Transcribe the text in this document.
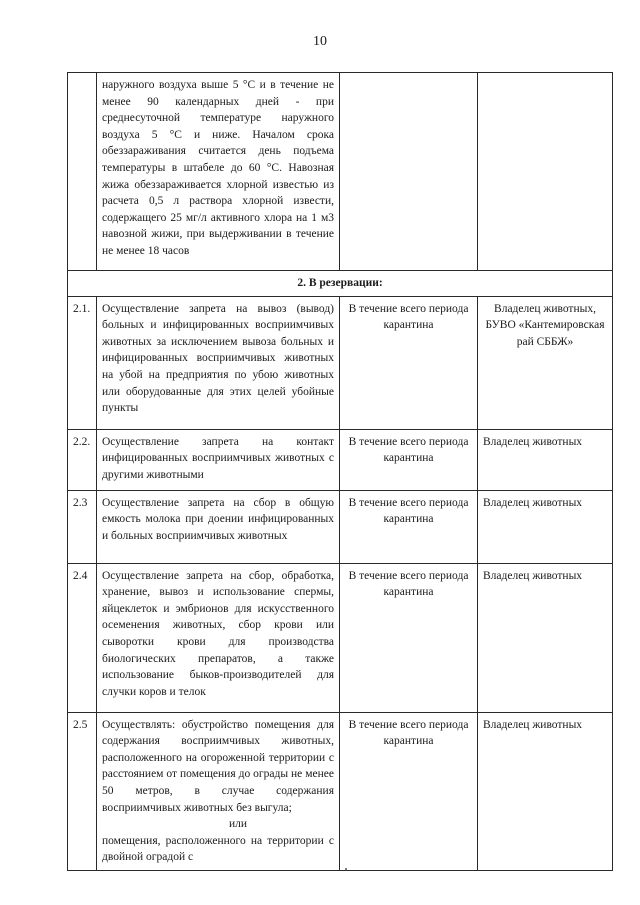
10
	наружного воздуха выше 5 °С и в течение не менее 90 календарных дней - при среднесуточной температуре наружного воздуха 5 °С и ниже. Началом срока обеззараживания считается день подъема температуры в штабеле до 60 °С. Навозная жижа обеззараживается хлорной известью из расчета 0,5 л раствора хлорной извести, содержащего 25 мг/л активного хлора на 1 м3 навозной жижи, при выдерживании в течение не менее 18 часов		
2. В резервации:			
2.1.	Осуществление запрета на вывоз (вывод) больных и инфицированных восприимчивых животных за исключением вывоза больных и инфицированных восприимчивых животных на убой на предприятия по убою животных или оборудованные для этих целей убойные пункты	В течение всего периода карантина	Владелец животных, БУВО «Кантемировская рай СББЖ»
2.2.	Осуществление запрета на контакт инфицированных восприимчивых животных с другими животными	В течение всего периода карантина	Владелец животных
2.3	Осуществление запрета на сбор в общую емкость молока при доении инфицированных и больных восприимчивых животных	В течение всего периода карантина	Владелец животных
2.4	Осуществление запрета на сбор, обработка, хранение, вывоз и использование спермы, яйцеклеток и эмбрионов для искусственного осеменения животных, сбор крови или сыворотки крови для производства биологических препаратов, а также использование быков-производителей для случки коров и телок	В течение всего периода карантина	Владелец животных
2.5	Осуществлять: обустройство помещения для содержания восприимчивых животных, расположенного на огороженной территории с расстоянием от помещения до ограды не менее 50 метров, в случае содержания восприимчивых животных без выгула;
или
помещения, расположенного на территории с двойной оградой с	В течение всего периода карантина	Владелец животных
